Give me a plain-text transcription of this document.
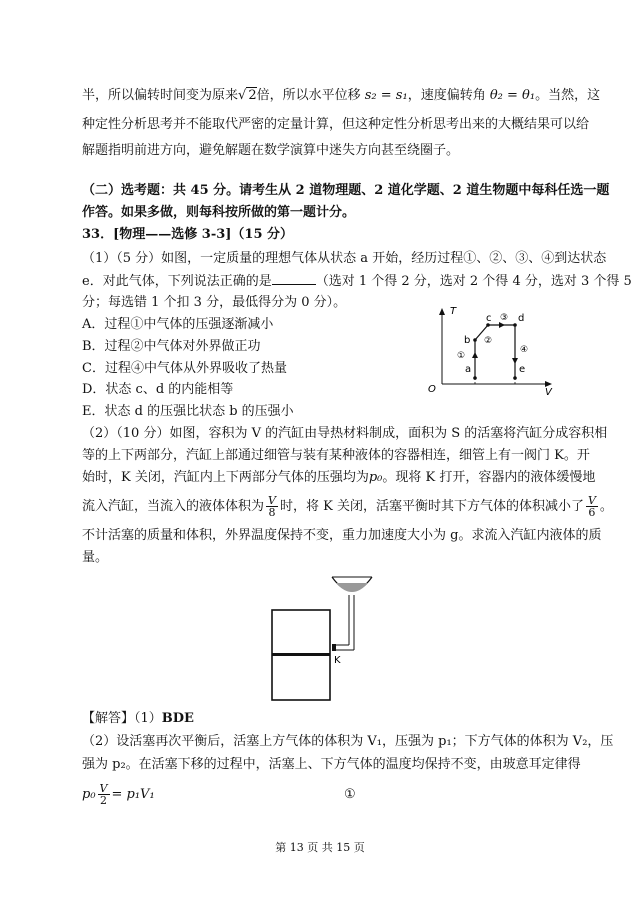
半，所以偏转时间变为原来√ 2倍，所以水平位移 s₂ = s₁，速度偏转角 θ₂ = θ₁。当然，这
种定性分析思考并不能取代严密的定量计算，但这种定性分析思考出来的大概结果可以给
解题指明前进方向，避免解题在数学演算中迷失方向甚至绕圈子。
（二）选考题：共 45 分。请考生从 2 道物理题、2 道化学题、2 道生物题中每科任选一题
作答。如果多做，则每科按所做的第一题计分。
33．[物理——选修 3-3]（15 分）
（1）（5 分）如图，一定质量的理想气体从状态 a 开始，经历过程①、②、③、④到达状态
e．对此气体，下列说法正确的是	（选对 1 个得 2 分，选对 2 个得 4 分，选对 3 个得 5
分；每选错 1 个扣 3 分，最低得分为 0 分）。
A．过程①中气体的压强逐渐减小
B．过程②中气体对外界做正功
C．过程④中气体从外界吸收了热量
D．状态 c、d 的内能相等
E．状态 d 的压强比状态 b 的压强小
T
V
O
a
b
c	d
e
①
②
③
④
（2）（10 分）如图，容积为 V 的汽缸由导热材料制成，面积为 S 的活塞将汽缸分成容积相
等的上下两部分，汽缸上部通过细管与装有某种液体的容器相连，细管上有一阀门 K。开
始时，K 关闭，汽缸内上下两部分气体的压强均为p₀。现将 K 打开，容器内的液体缓慢地
流入汽缸，当流入的液体体积为 $\frac{V}{8}$ 时，将 K 关闭，活塞平衡时其下方气体的体积减小了 $\frac{V}{6}$ 。
不计活塞的质量和体积，外界温度保持不变，重力加速度大小为 g。求流入汽缸内液体的质
量。
K
【解答】（1）BDE
（2）设活塞再次平衡后，活塞上方气体的体积为 V₁，压强为 p₁；下方气体的体积为 V₂，压
强为 p₂。在活塞下移的过程中，活塞上、下方气体的温度均保持不变，由玻意耳定律得
$p_0 \frac{V}{2} = p_1V_1$	①
第 13 页 共 15 页
